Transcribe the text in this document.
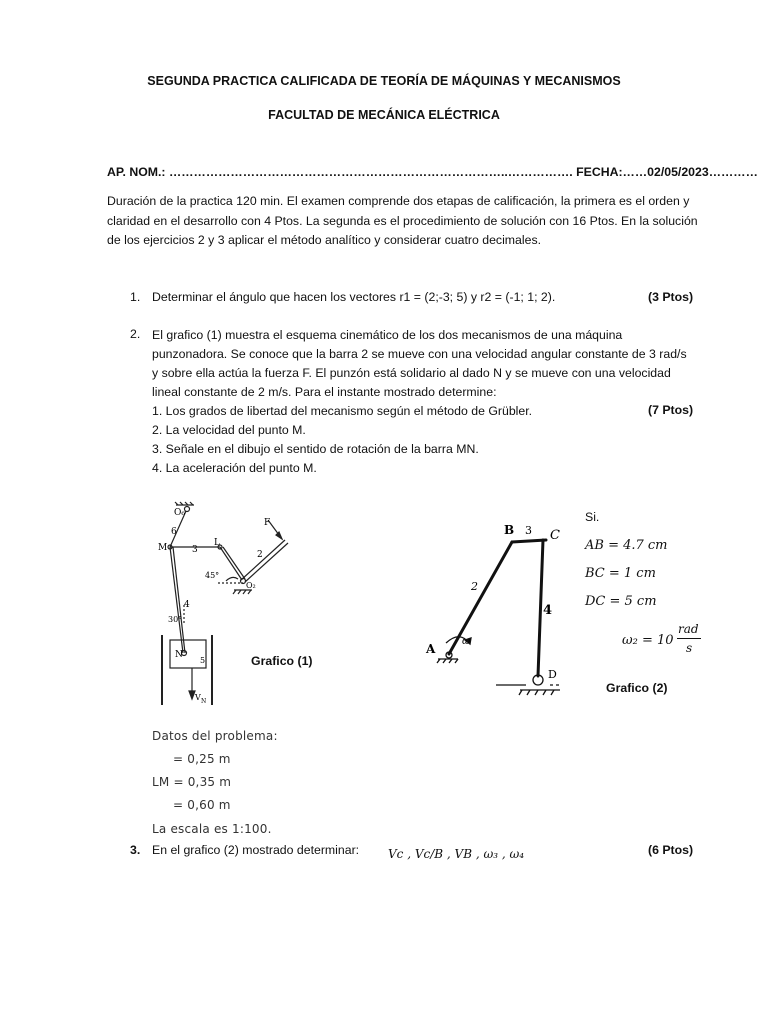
SEGUNDA PRACTICA CALIFICADA DE TEORÍA DE MÁQUINAS Y MECANISMOS
FACULTAD DE MECÁNICA ELÉCTRICA
AP. NOM.: ………………………………………………………………………..……………. FECHA:……02/05/2023…………
Duración de la practica 120 min. El examen comprende dos etapas de calificación, la primera es el orden y claridad en el desarrollo con 4 Ptos. La segunda es el procedimiento de solución con 16 Ptos. En la solución de los ejercicios 2 y 3 aplicar el método analítico y considerar cuatro decimales.
1. Determinar el ángulo que hacen los vectores r1 = (2;-3; 5) y r2 = (-1; 1; 2).	(3 Ptos)
2. El grafico (1) muestra el esquema cinemático de los dos mecanismos de una máquina
punzonadora. Se conoce que la barra 2 se mueve con una velocidad angular constante de 3 rad/s
y sobre ella actúa la fuerza F. El punzón está solidario al dado N y se mueve con una velocidad
lineal constante de 2 m/s. Para el instante mostrado determine:
1. Los grados de libertad del mecanismo según el método de Grübler.
2. La velocidad del punto M.
3. Señale en el dibujo el sentido de rotación de la barra MN.
4. La aceleración del punto M.
(7 Ptos)
O₆
6
M	3
L
F
2
45°
O₂
4
30°
N
5
V N
Grafico (1)
B 3 C
2
4
A
ω
D
Si.
AB = 4.7 cm
BC = 1 cm
DC = 5 cm
ω₂ = 10
rad
s
Grafico (2)
Datos del problema:
= 0,25 m
LM = 0,35 m
= 0,60 m
La escala es 1:100.
3. En el grafico (2) mostrado determinar: Vc , Vc/B , VB , ω₃ , ω₄	(6 Ptos)
